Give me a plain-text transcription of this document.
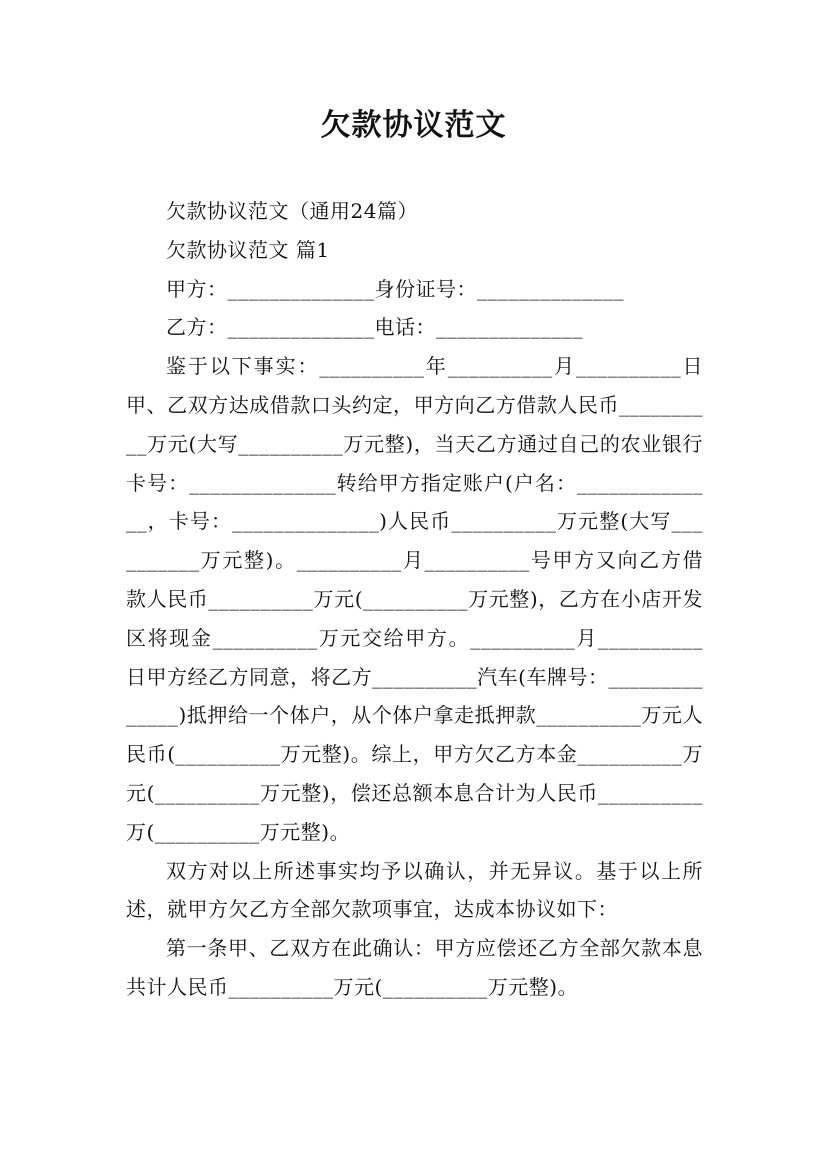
欠款协议范文

欠款协议范文（通用24篇）

欠款协议范文 篇1

甲方：______________身份证号：______________

乙方：______________电话：______________

鉴于以下事实：__________年__________月__________日甲、乙双方达成借款口头约定，甲方向乙方借款人民币__________万元(大写__________万元整)，当天乙方通过自己的农业银行卡号：______________转给甲方指定账户(户名：______________，卡号：______________)人民币__________万元整(大写__________万元整)。__________月__________号甲方又向乙方借款人民币__________万元(__________万元整)，乙方在小店开发区将现金__________万元交给甲方。__________月__________日甲方经乙方同意，将乙方__________汽车(车牌号：______________)抵押给一个体户，从个体户拿走抵押款__________万元人民币(__________万元整)。综上，甲方欠乙方本金__________万元(__________万元整)，偿还总额本息合计为人民币__________万(__________万元整)。

双方对以上所述事实均予以确认，并无异议。基于以上所述，就甲方欠乙方全部欠款项事宜，达成本协议如下：

第一条甲、乙双方在此确认：甲方应偿还乙方全部欠款本息共计人民币__________万元(__________万元整)。
